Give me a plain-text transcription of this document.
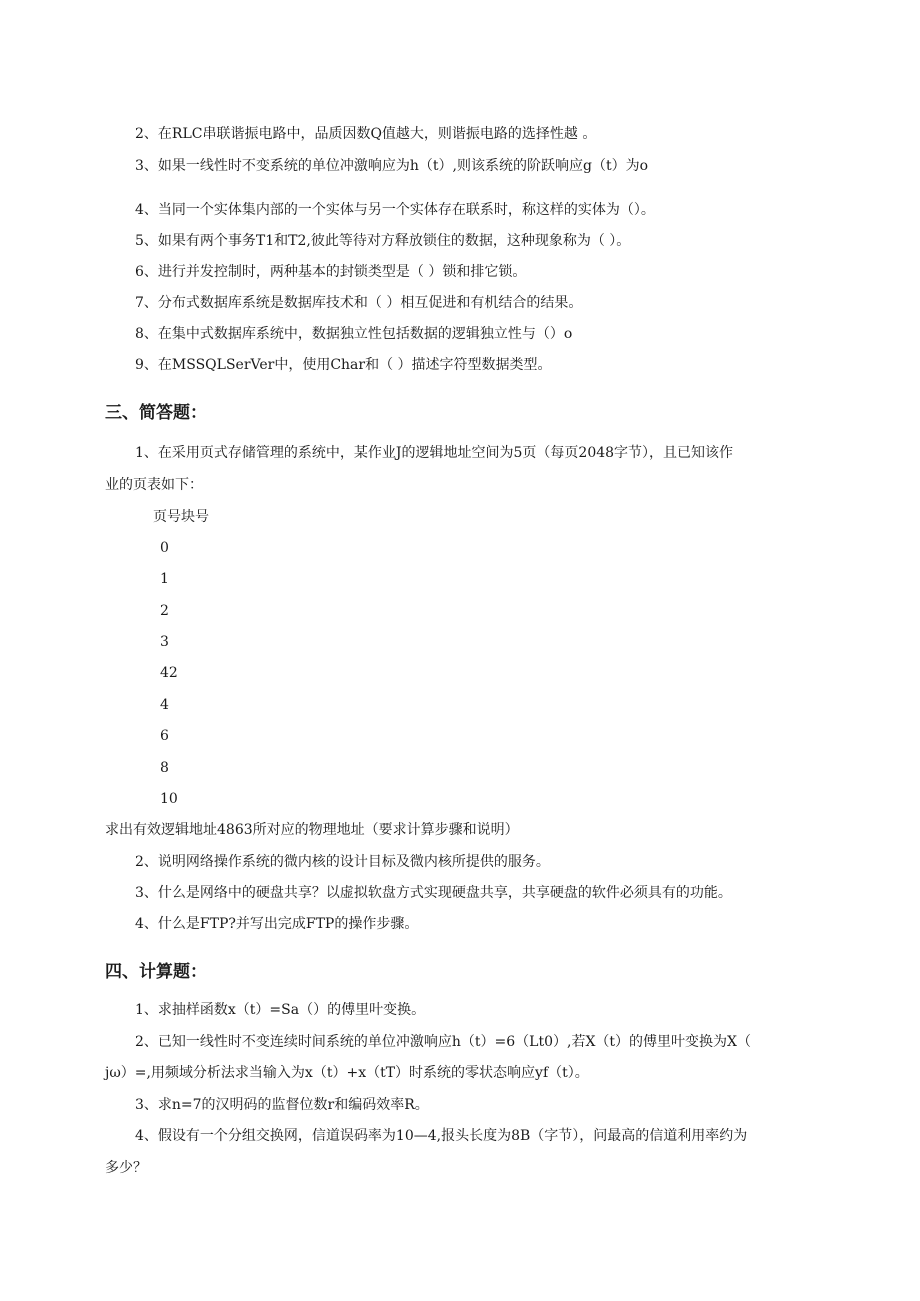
2、在RLC串联谐振电路中，品质因数Q值越大，则谐振电路的选择性越 。
3、如果一线性时不变系统的单位冲激响应为h（t）,则该系统的阶跃响应g（t）为o
4、当同一个实体集内部的一个实体与另一个实体存在联系时，称这样的实体为（）。
5、如果有两个事务T1和T2,彼此等待对方释放锁住的数据，这种现象称为（ ）。
6、进行并发控制时，两种基本的封锁类型是（ ）锁和排它锁。
7、分布式数据库系统是数据库技术和（ ）相互促进和有机结合的结果。
8、在集中式数据库系统中，数据独立性包括数据的逻辑独立性与（）o
9、在MSSQLSerVer中，使用Char和（ ）描述字符型数据类型。
三、简答题：
1、在采用页式存储管理的系统中，某作业J的逻辑地址空间为5页（每页2048字节），且已知该作
业的页表如下：
页号块号
0
1
2
3
42
4
6
8
10
求出有效逻辑地址4863所对应的物理地址（要求计算步骤和说明）
2、说明网络操作系统的微内核的设计目标及微内核所提供的服务。
3、什么是网络中的硬盘共享？以虚拟软盘方式实现硬盘共享，共享硬盘的软件必须具有的功能。
4、什么是FTP?并写出完成FTP的操作步骤。
四、计算题：
1、求抽样函数x（t）=Sa（）的傅里叶变换。
2、已知一线性时不变连续时间系统的单位冲激响应h（t）=6（Lt0）,若X（t）的傅里叶变换为X（
jω）=,用频域分析法求当输入为x（t）+x（tT）时系统的零状态响应yf（t）。
3、求n=7的汉明码的监督位数r和编码效率R。
4、假设有一个分组交换网，信道误码率为10—4,报头长度为8B（字节），问最高的信道利用率约为
多少？
